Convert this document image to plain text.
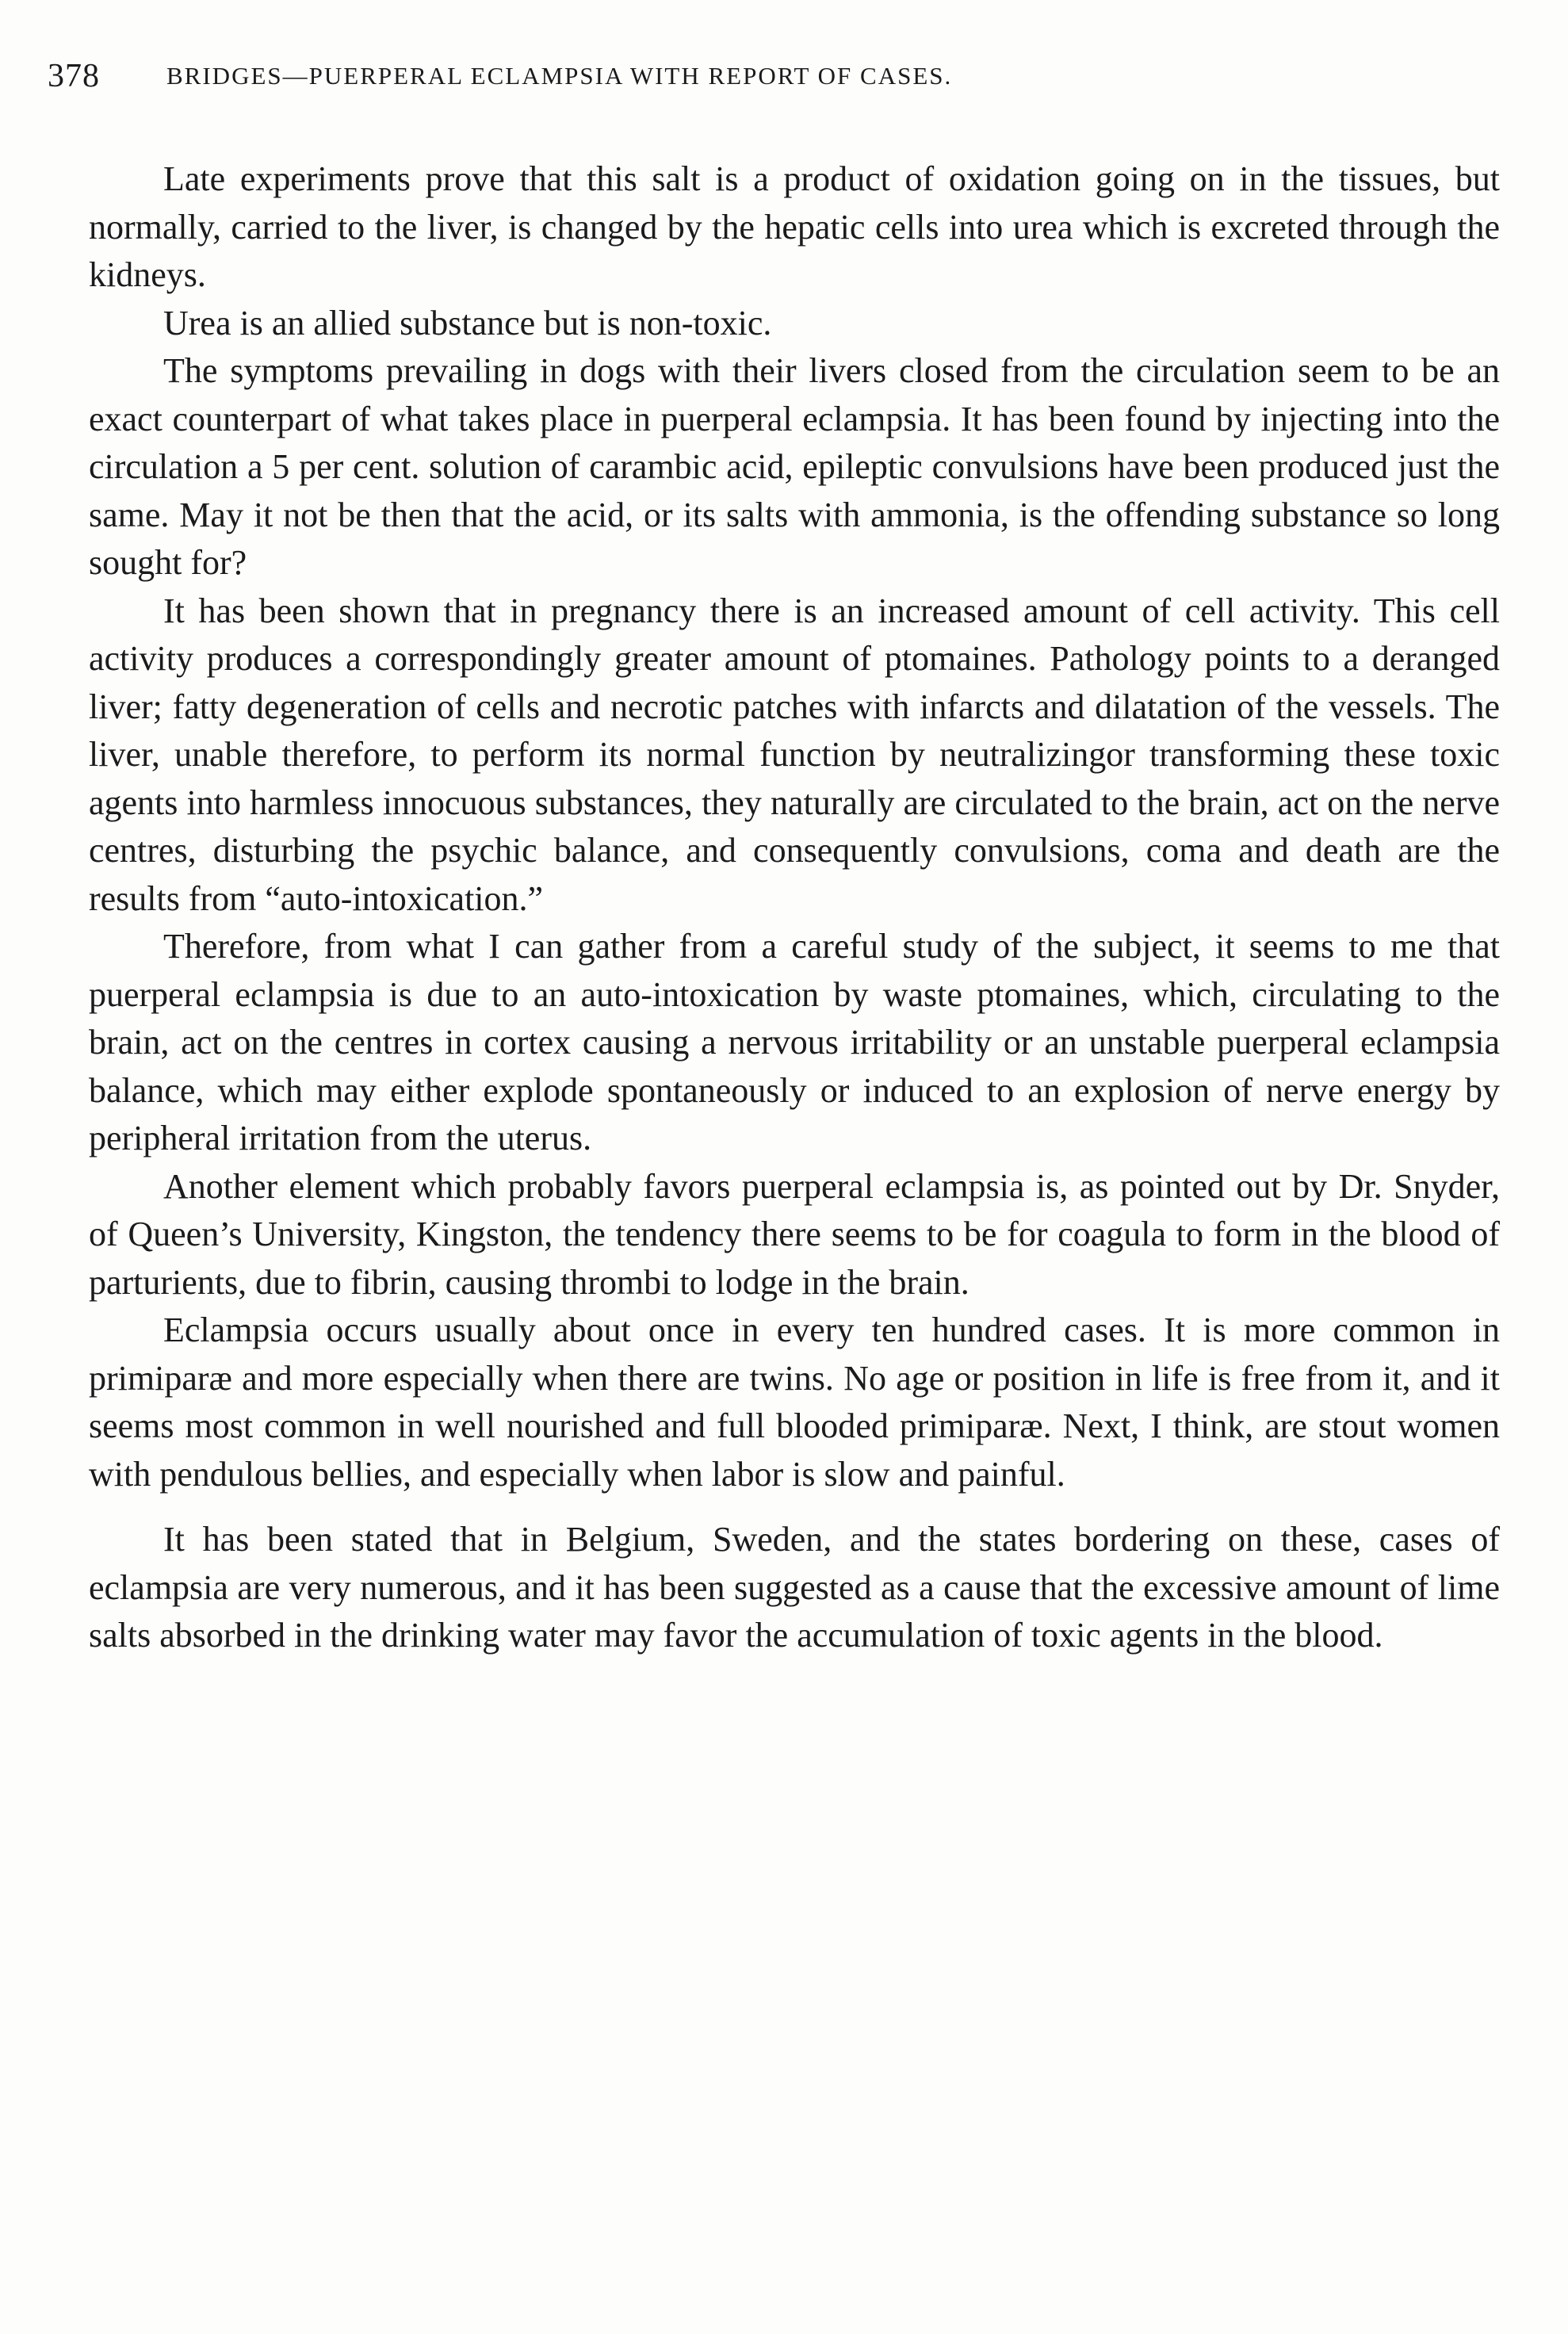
378	BRIDGES—PUERPERAL ECLAMPSIA WITH REPORT OF CASES.

Late experiments prove that this salt is a product of oxidation going on in the tissues, but normally, carried to the liver, is changed by the hepatic cells into urea which is excreted through the kidneys.

Urea is an allied substance but is non-toxic.

The symptoms prevailing in dogs with their livers closed from the circulation seem to be an exact counterpart of what takes place in puerperal eclampsia. It has been found by injecting into the circulation a 5 per cent. solution of carambic acid, epileptic convulsions have been produced just the same. May it not be then that the acid, or its salts with ammonia, is the offending substance so long sought for?

It has been shown that in pregnancy there is an increased amount of cell activity. This cell activity produces a correspondingly greater amount of ptomaines. Pathology points to a deranged liver; fatty degeneration of cells and necrotic patches with infarcts and dilatation of the vessels. The liver, unable therefore, to perform its normal function by neutralizingor transforming these toxic agents into harmless innocuous substances, they naturally are circulated to the brain, act on the nerve centres, disturbing the psychic balance, and consequently convulsions, coma and death are the results from “auto-intoxication.”

Therefore, from what I can gather from a careful study of the subject, it seems to me that puerperal eclampsia is due to an auto-intoxication by waste ptomaines, which, circulating to the brain, act on the centres in cortex causing a nervous irritability or an unstable puerperal eclampsia balance, which may either explode spontaneously or induced to an explosion of nerve energy by peripheral irritation from the uterus.

Another element which probably favors puerperal eclampsia is, as pointed out by Dr. Snyder, of Queen’s University, Kingston, the tendency there seems to be for coagula to form in the blood of parturients, due to fibrin, causing thrombi to lodge in the brain.

Eclampsia occurs usually about once in every ten hundred cases. It is more common in primiparæ and more especially when there are twins. No age or position in life is free from it, and it seems most common in well nourished and full blooded primiparæ. Next, I think, are stout women with pendulous bellies, and especially when labor is slow and painful.

It has been stated that in Belgium, Sweden, and the states bordering on these, cases of eclampsia are very numerous, and it has been suggested as a cause that the excessive amount of lime salts absorbed in the drinking water may favor the accumulation of toxic agents in the blood.
